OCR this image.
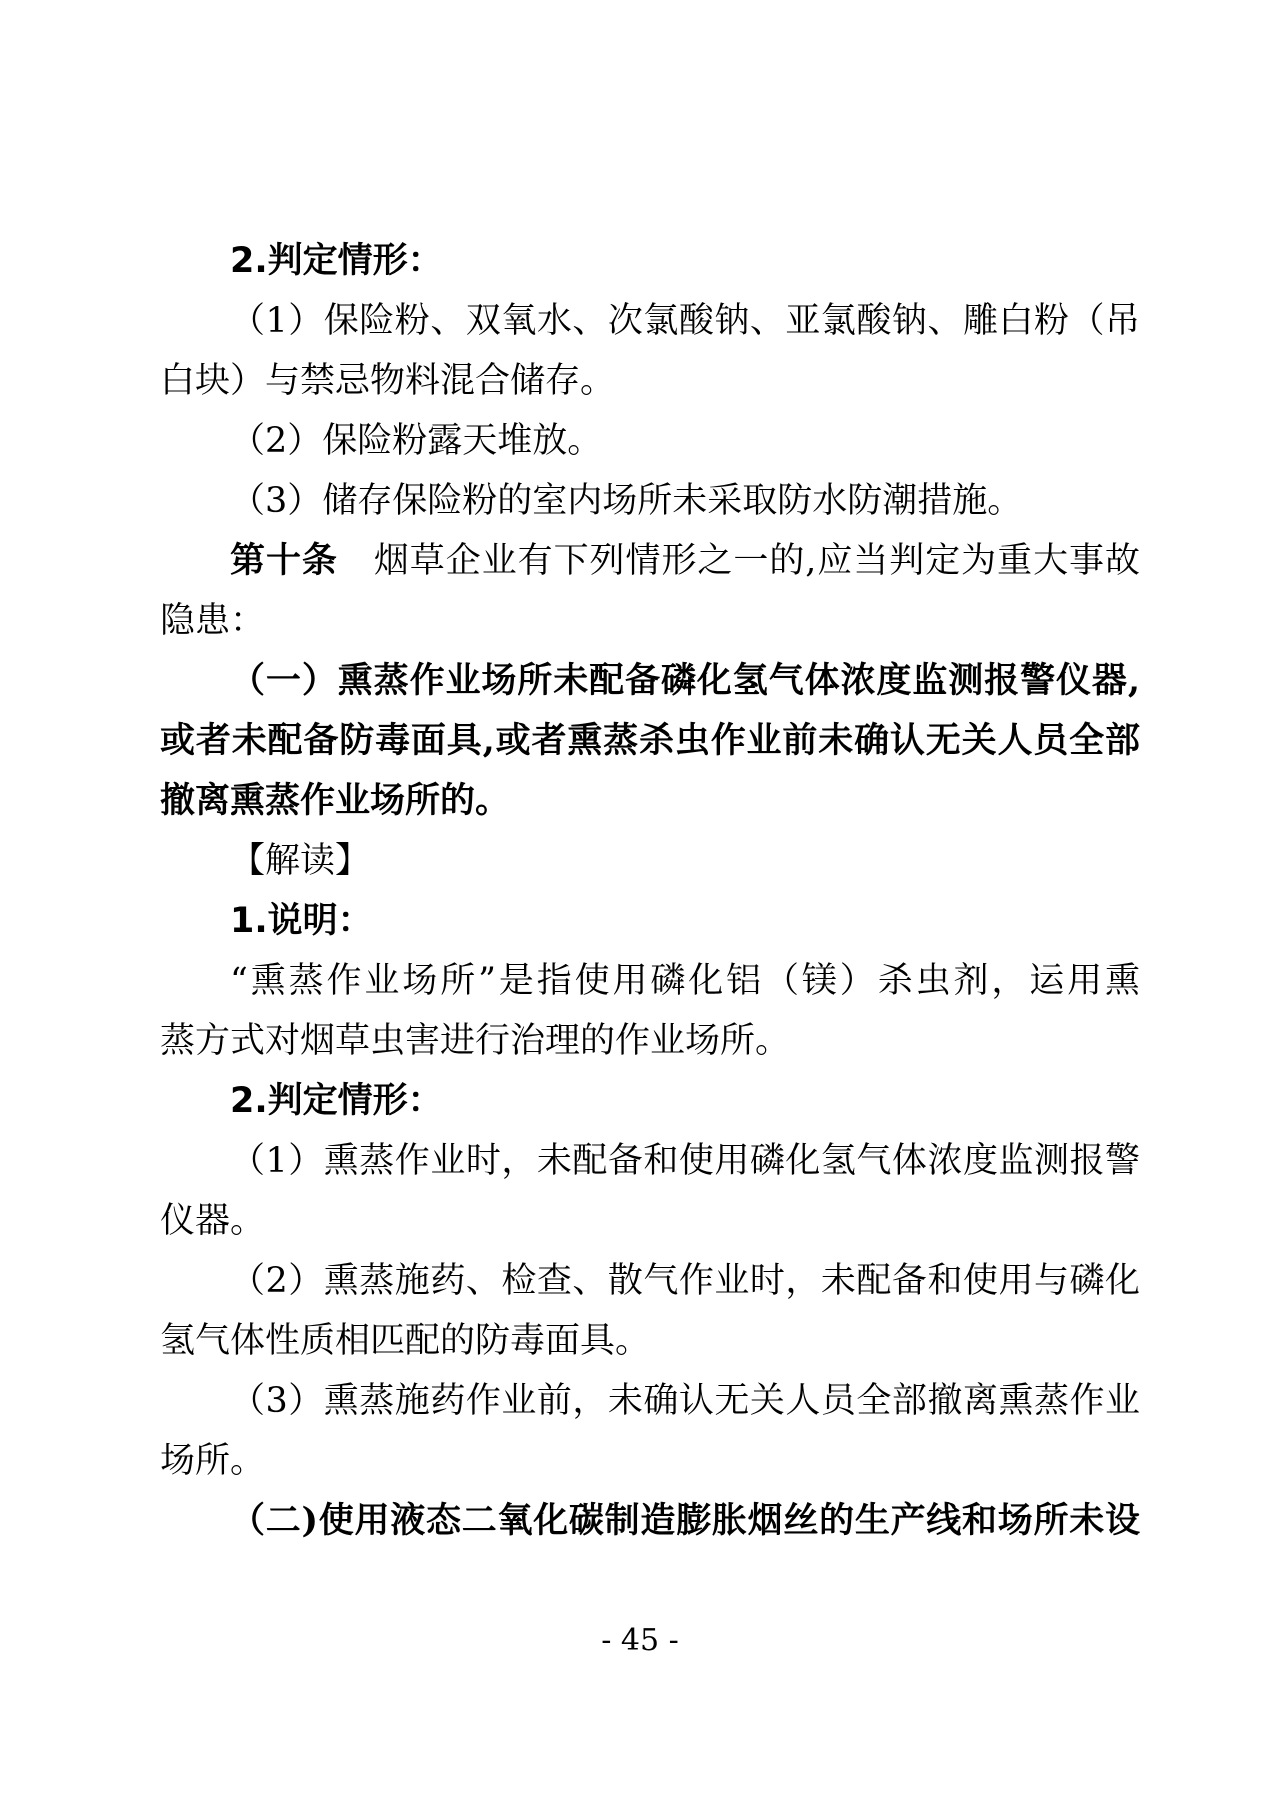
2.判定情形：
（1）保险粉、双氧水、次氯酸钠、亚氯酸钠、雕白粉（吊
白块）与禁忌物料混合储存。
（2）保险粉露天堆放。
（3）储存保险粉的室内场所未采取防水防潮措施。
第十条　烟草企业有下列情形之一的,应当判定为重大事故
隐患：
（一）熏蒸作业场所未配备磷化氢气体浓度监测报警仪器,
或者未配备防毒面具,或者熏蒸杀虫作业前未确认无关人员全部
撤离熏蒸作业场所的。
【解读】
1.说明：
“熏蒸作业场所”是指使用磷化铝（镁）杀虫剂，运用熏
蒸方式对烟草虫害进行治理的作业场所。
2.判定情形：
（1）熏蒸作业时，未配备和使用磷化氢气体浓度监测报警
仪器。
（2）熏蒸施药、检查、散气作业时，未配备和使用与磷化
氢气体性质相匹配的防毒面具。
（3）熏蒸施药作业前，未确认无关人员全部撤离熏蒸作业
场所。
（二)使用液态二氧化碳制造膨胀烟丝的生产线和场所未设
- 45 -
